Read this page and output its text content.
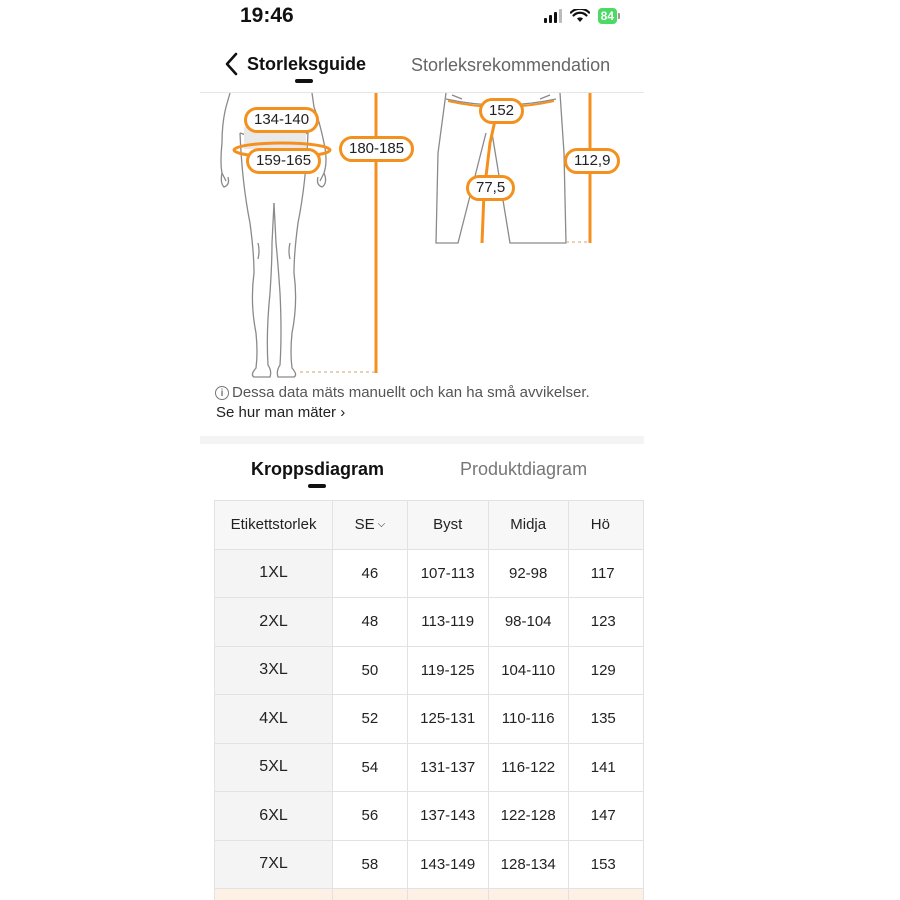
19:46	84
Storleksguide Storleksrekommendation
134-140
159-165
180-185
152
77,5
112,9
i Dessa data mäts manuellt och kan ha små avvikelser.
Se hur man mäter ›
Kroppsdiagram	Produktdiagram
Etikettstorlek	SE ⌵	Byst	Midja	Hö
1XL	46	107-113	92-98	117
2XL	48	113-119	98-104	123
3XL	50	119-125	104-110	129
4XL	52	125-131	110-116	135
5XL	54	131-137	116-122	141
6XL	56	137-143	122-128	147
7XL	58	143-149	128-134	153
